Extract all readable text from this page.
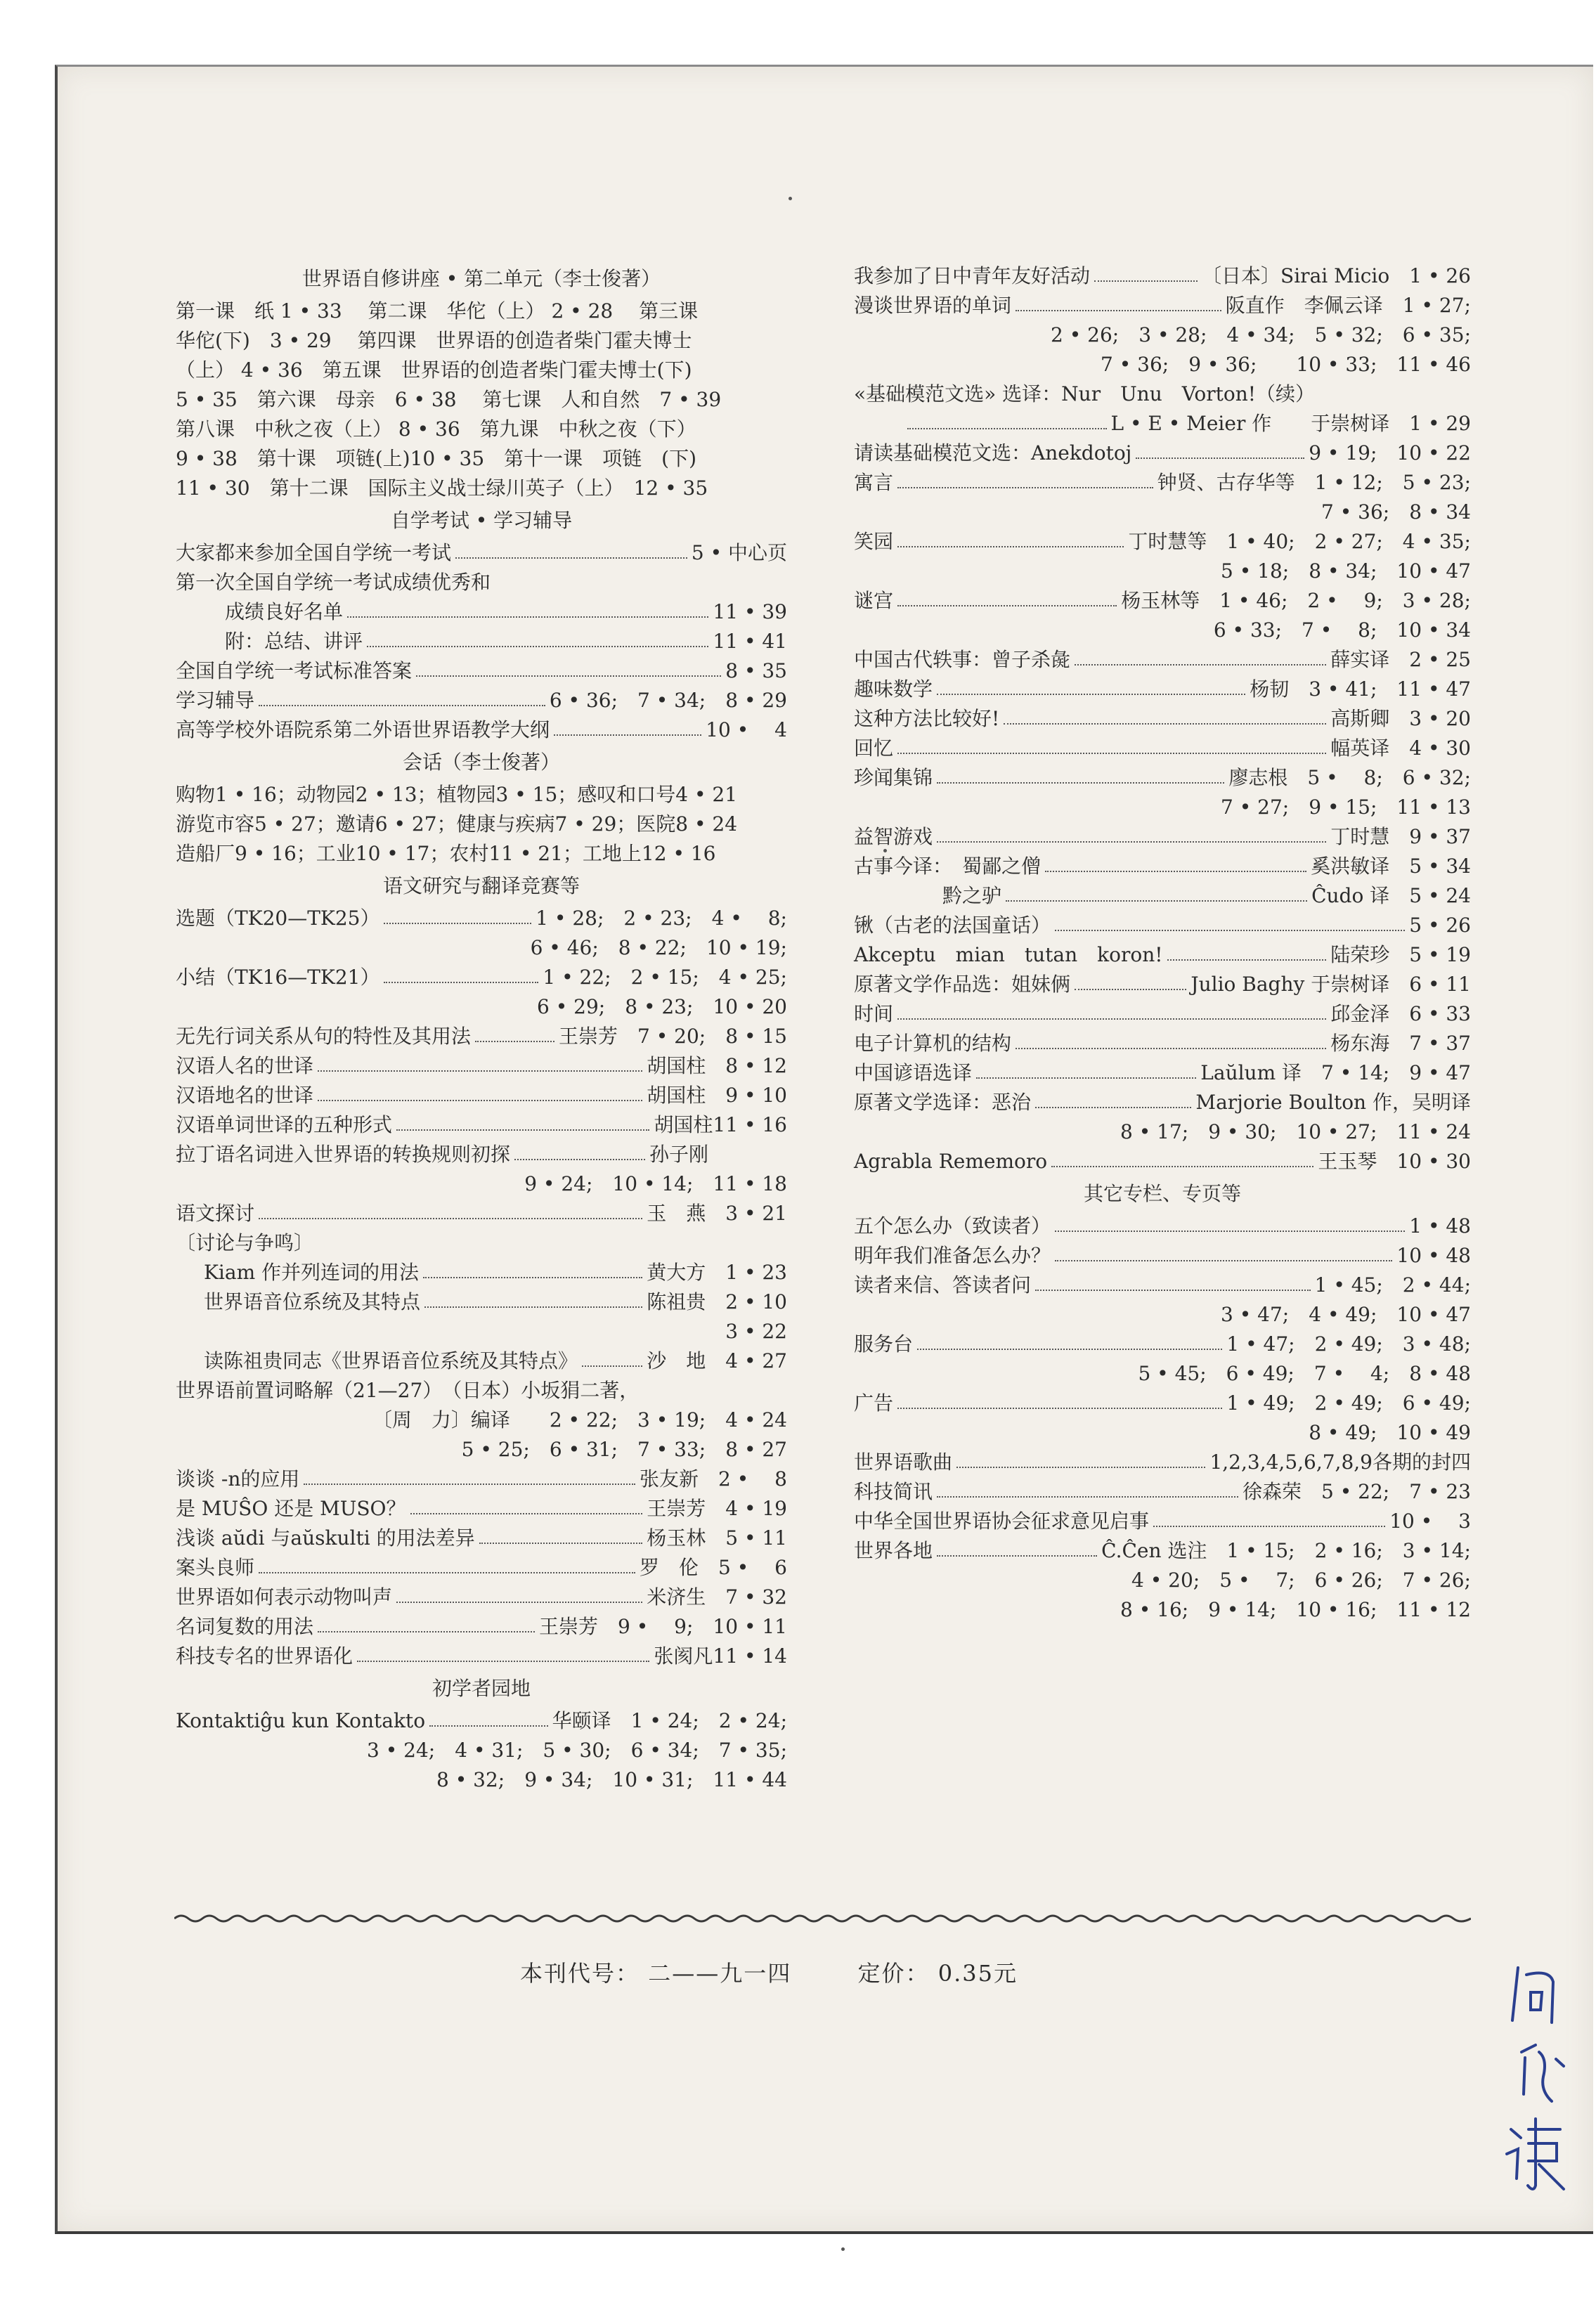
世界语自修讲座 • 第二单元（李士俊著）
第一课　纸 1 • 33　 第二课　华佗（上） 2 • 28　 第三课
华佗(下)　3 • 29　 第四课　世界语的创造者柴门霍夫博士
（上） 4 • 36　第五课　世界语的创造者柴门霍夫博士(下)
5 • 35　第六课　母亲　6 • 38　 第七课　人和自然　7 • 39
第八课　中秋之夜（上） 8 • 36　第九课　中秋之夜（下）
9 • 38　第十课　项链(上)10 • 35　第十一课　项链　(下)
11 • 30　第十二课　国际主义战士绿川英子（上）　12 • 35
自学考试 • 学习辅导
大家都来参加全国自学统一考试	5 • 中心页
第一次全国自学统一考试成绩优秀和
成绩良好名单	11 • 39
附：总结、讲评	11 • 41
全国自学统一考试标准答案	8 • 35
学习辅导	6 • 36;　7 • 34;　8 • 29
高等学校外语院系第二外语世界语教学大纲	10 • 　4
会话（李士俊著）
购物1 • 16；动物园2 • 13；植物园3 • 15；感叹和口号4 • 21
游览市容5 • 27；邀请6 • 27；健康与疾病7 • 29；医院8 • 24
造船厂9 • 16；工业10 • 17；农村11 • 21；工地上12 • 16
语文研究与翻译竞赛等
选题（TK20—TK25）	1 • 28;　2 • 23;　4 • 　8;
6 • 46;　8 • 22;　10 • 19;
小结（TK16—TK21）	1 • 22;　2 • 15;　4 • 25;
6 • 29;　8 • 23;　10 • 20
无先行词关系从句的特性及其用法	王崇芳　7 • 20;　8 • 15
汉语人名的世译	胡国柱　8 • 12
汉语地名的世译	胡国柱　9 • 10
汉语单词世译的五种形式	胡国柱11 • 16
拉丁语名词进入世界语的转换规则初探	孙子刚　　　　
9 • 24;　10 • 14;　11 • 18
语文探讨	玉　燕　3 • 21
〔讨论与争鸣〕
Kiam 作并列连词的用法	黄大方　1 • 23
世界语音位系统及其特点	陈祖贵　2 • 10
3 • 22
读陈祖贵同志《世界语音位系统及其特点》	沙　地　4 • 27
世界语前置词略解（21—27）　（日本）小坂狷二著，
〔周　力〕编译　　2 • 22;　3 • 19;　4 • 24
5 • 25;　6 • 31;　7 • 33;　8 • 27
谈谈 -n的应用	张友新　2 • 　8
是 MUŜO 还是 MUSO？	王崇芳　4 • 19
浅谈 aŭdi 与aŭskulti 的用法差异	杨玉林　5 • 11
案头良师	罗　伦　5 • 　6
世界语如何表示动物叫声	米济生　7 • 32
名词复数的用法	王崇芳　9 • 　9;　10 • 11
科技专名的世界语化	张阂凡11 • 14
初学者园地
Kontaktiĝu kun Kontakto	华颐译　1 • 24;　2 • 24;
3 • 24;　4 • 31;　5 • 30;　6 • 34;　7 • 35;
8 • 32;　9 • 34;　10 • 31;　11 • 44
我参加了日中青年友好活动	〔日本〕Sirai Micio　1 • 26
漫谈世界语的单词	阪直作　李佩云译　1 • 27;
2 • 26;　3 • 28;　4 • 34;　5 • 32;　6 • 35;
7 • 36;　9 • 36;　　10 • 33;　11 • 46
«基础模范文选» 选译：Nur　Unu　Vorton!（续）
L • E • Meier 作　　于崇树译　1 • 29
请读基础模范文选：Anekdotoj	9 • 19;　10 • 22
寓言	钟贤、古存华等　1 • 12;　5 • 23;
7 • 36;　8 • 34
笑园	丁时慧等　1 • 40;　2 • 27;　4 • 35;
5 • 18;　8 • 34;　10 • 47
谜宫	杨玉林等　1 • 46;　2 • 　9;　3 • 28;
6 • 33;　7 • 　8;　10 • 34
中国古代轶事：曾子杀彘	薛实译　2 • 25
趣味数学	杨韧　3 • 41;　11 • 47
这种方法比较好!	高斯卿　3 • 20
回忆	幅英译　4 • 30
珍闻集锦	廖志根　5 • 　8;　6 • 32;
7 • 27;　9 • 15;　11 • 13
益智游戏	丁时慧　9 • 37
古事今译：　蜀鄙之僧	奚洪敏译　5 • 34
　　黔之驴	Ĉudo 译　5 • 24
锹（古老的法国童话）	5 • 26
Akceptu　mian　tutan　koron!	陆荣珍　5 • 19
原著文学作品选：姐妹俩	Julio Baghy 于崇树译　6 • 11
时间	邱金泽　6 • 33
电子计算机的结构	杨东海　7 • 37
中国谚语选译	Laŭlum 译　7 • 14;　9 • 47
原著文学选译：恶治	Marjorie Boulton 作，吴明译
8 • 17;　9 • 30;　10 • 27;　11 • 24
Agrabla Rememoro	王玉琴　10 • 30
其它专栏、专页等
五个怎么办（致读者）	1 • 48
明年我们准备怎么办？	10 • 48
读者来信、答读者问	1 • 45;　2 • 44;
3 • 47;　4 • 49;　10 • 47
服务台	1 • 47;　2 • 49;　3 • 48;
5 • 45;　6 • 49;　7 • 　4;　8 • 48
广告	1 • 49;　2 • 49;　6 • 49;
8 • 49;　10 • 49
世界语歌曲	1,2,3,4,5,6,7,8,9各期的封四
科技简讯	徐森荣　5 • 22;　7 • 23
中华全国世界语协会征求意见启事	10 • 　3
世界各地	Ĉ.Ĉen 选注　1 • 15;　2 • 16;　3 • 14;
4 • 20;　5 • 　7;　6 • 26;　7 • 26;
8 • 16;　9 • 14;　10 • 16;　11 • 12
本刊代号： 二——九一四	定价： 0.35元
